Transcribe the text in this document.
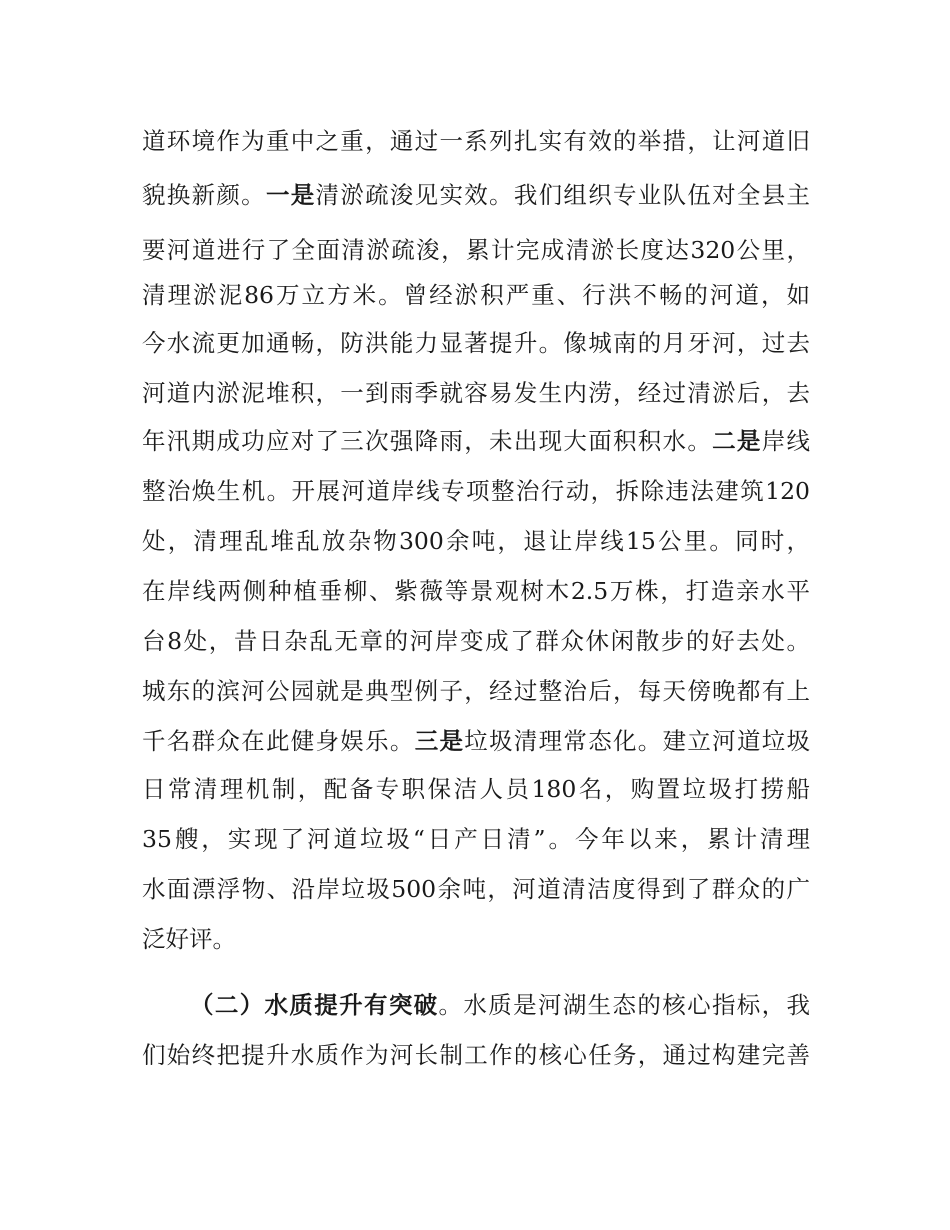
道环境作为重中之重，通过一系列扎实有效的举措，让河道旧
貌换新颜。一是清淤疏浚见实效。我们组织专业队伍对全县主
要河道进行了全面清淤疏浚，累计完成清淤长度达320公里，
清理淤泥86万立方米。曾经淤积严重、行洪不畅的河道，如
今水流更加通畅，防洪能力显著提升。像城南的月牙河，过去
河道内淤泥堆积，一到雨季就容易发生内涝，经过清淤后，去
年汛期成功应对了三次强降雨，未出现大面积积水。二是岸线
整治焕生机。开展河道岸线专项整治行动，拆除违法建筑120
处，清理乱堆乱放杂物300余吨，退让岸线15公里。同时，
在岸线两侧种植垂柳、紫薇等景观树木2.5万株，打造亲水平
台8处，昔日杂乱无章的河岸变成了群众休闲散步的好去处。
城东的滨河公园就是典型例子，经过整治后，每天傍晚都有上
千名群众在此健身娱乐。三是垃圾清理常态化。建立河道垃圾
日常清理机制，配备专职保洁人员180名，购置垃圾打捞船
35艘，实现了河道垃圾“日产日清”。今年以来，累计清理
水面漂浮物、沿岸垃圾500余吨，河道清洁度得到了群众的广
泛好评。
（二）水质提升有突破。水质是河湖生态的核心指标，我
们始终把提升水质作为河长制工作的核心任务，通过构建完善
